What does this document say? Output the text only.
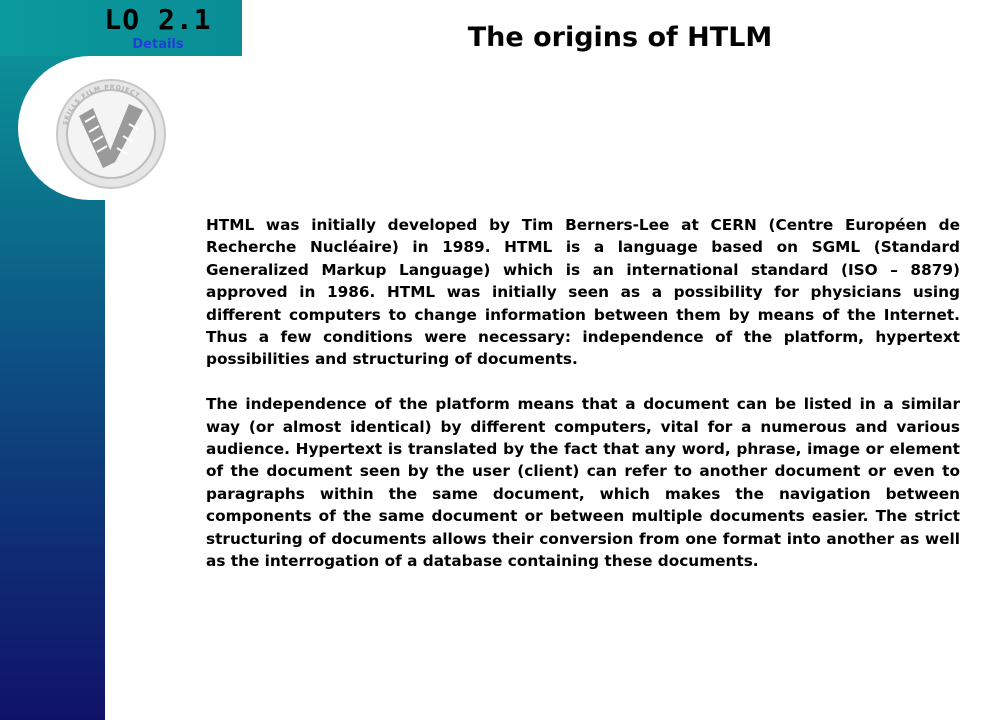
LO 2.1
Details
SKILLS FILM PROJECT
The origins of HTLM

HTML was initially developed by Tim Berners-Lee at CERN (Centre Européen de Recherche Nucléaire) in 1989. HTML is a language based on SGML (Standard Generalized Markup Language) which is an international standard (ISO – 8879) approved in 1986. HTML was initially seen as a possibility for physicians using different computers to change information between them by means of the Internet. Thus a few conditions were necessary: independence of the platform, hypertext possibilities and structuring of documents.

The independence of the platform means that a document can be listed in a similar way (or almost identical) by different computers, vital for a numerous and various audience. Hypertext is translated by the fact that any word, phrase, image or element of the document seen by the user (client) can refer to another document or even to paragraphs within the same document, which makes the navigation between components of the same document or between multiple documents easier. The strict structuring of documents allows their conversion from one format into another as well as the interrogation of a database containing these documents.
